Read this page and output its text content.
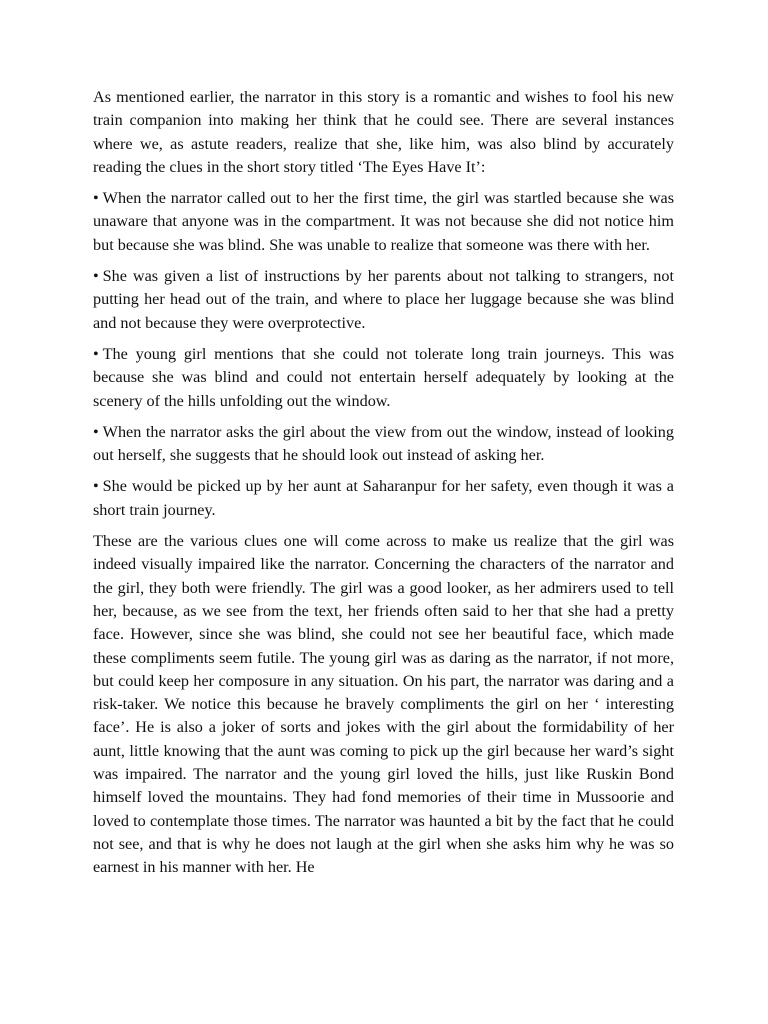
As mentioned earlier, the narrator in this story is a romantic and wishes to fool his new train companion into making her think that he could see. There are several instances where we, as astute readers, realize that she, like him, was also blind by accurately reading the clues in the short story titled ‘The Eyes Have It’:

• When the narrator called out to her the first time, the girl was startled because she was unaware that anyone was in the compartment. It was not because she did not notice him but because she was blind. She was unable to realize that someone was there with her.
• She was given a list of instructions by her parents about not talking to strangers, not putting her head out of the train, and where to place her luggage because she was blind and not because they were overprotective.
• The young girl mentions that she could not tolerate long train journeys. This was because she was blind and could not entertain herself adequately by looking at the scenery of the hills unfolding out the window.
• When the narrator asks the girl about the view from out the window, instead of looking out herself, she suggests that he should look out instead of asking her.
• She would be picked up by her aunt at Saharanpur for her safety, even though it was a short train journey.

These are the various clues one will come across to make us realize that the girl was indeed visually impaired like the narrator. Concerning the characters of the narrator and the girl, they both were friendly. The girl was a good looker, as her admirers used to tell her, because, as we see from the text, her friends often said to her that she had a pretty face. However, since she was blind, she could not see her beautiful face, which made these compliments seem futile. The young girl was as daring as the narrator, if not more, but could keep her composure in any situation. On his part, the narrator was daring and a risk-taker. We notice this because he bravely compliments the girl on her ‘ interesting face’. He is also a joker of sorts and jokes with the girl about the formidability of her aunt, little knowing that the aunt was coming to pick up the girl because her ward’s sight was impaired. The narrator and the young girl loved the hills, just like Ruskin Bond himself loved the mountains. They had fond memories of their time in Mussoorie and loved to contemplate those times. The narrator was haunted a bit by the fact that he could not see, and that is why he does not laugh at the girl when she asks him why he was so earnest in his manner with her. He
